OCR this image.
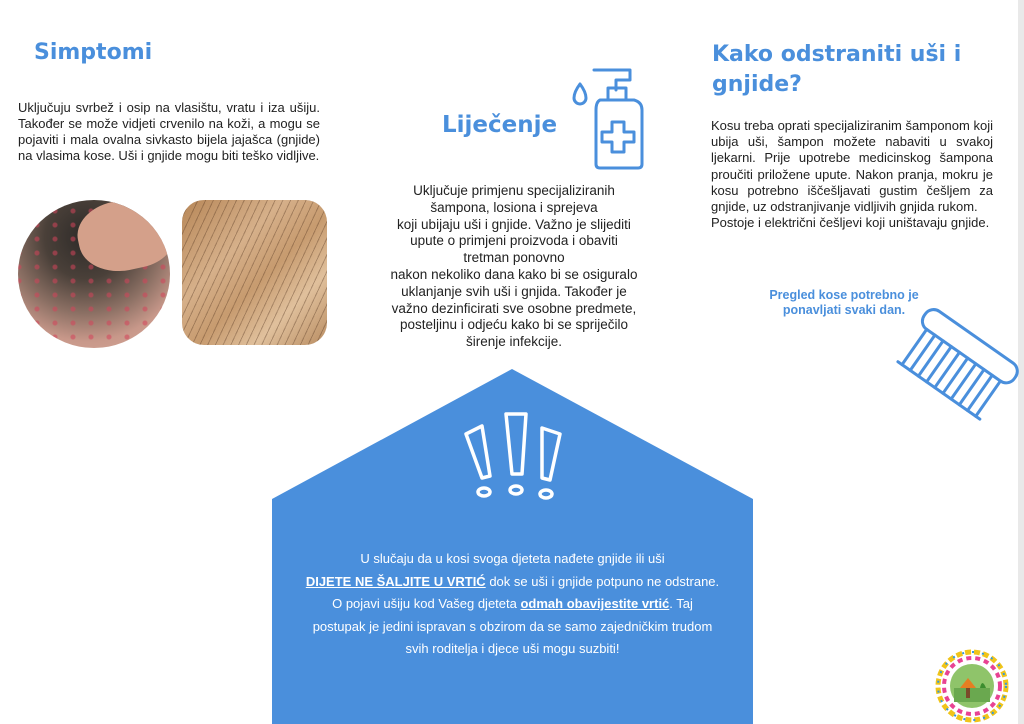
Simptomi

Uključuju svrbež i osip na vlasištu, vratu i iza ušiju. Također se može vidjeti crvenilo na koži, a mogu se pojaviti i mala ovalna sivkasto bijela jajašca (gnjide) na vlasima kose. Uši i gnjide mogu biti teško vidljive.

Liječenje
Uključuje primjenu specijaliziranih
šampona, losiona i sprejeva
koji ubijaju uši i gnjide. Važno je slijediti
upute o primjeni proizvoda i obaviti
tretman ponovno
nakon nekoliko dana kako bi se osiguralo
uklanjanje svih uši i gnjida. Također je
važno dezinficirati sve osobne predmete,
posteljinu i odjeću kako bi se spriječilo
širenje infekcije.
Kako odstraniti uši i gnjide?
Kosu treba oprati specijaliziranim šamponom koji ubija uši, šampon možete nabaviti u svakoj ljekarni. Prije upotrebe medicinskog šampona proučiti priložene upute. Nakon pranja, mokru je kosu potrebno iščešljavati gustim češljem za gnjide, uz odstranjivanje vidljivih gnjida rukom.
Postoje i električni češljevi koji uništavaju gnjide.

Pregled kose potrebno je ponavljati svaki dan.

U slučaju da u kosi svoga djeteta nađete gnjide ili uši
DIJETE NE ŠALJITE U VRTIĆ dok se uši i gnjide potpuno ne odstrane.
O pojavi ušiju kod Vašeg djeteta odmah obavijestite vrtić. Taj
postupak je jedini ispravan s obzirom da se samo zajedničkim trudom
svih roditelja i djece uši mogu suzbiti!
